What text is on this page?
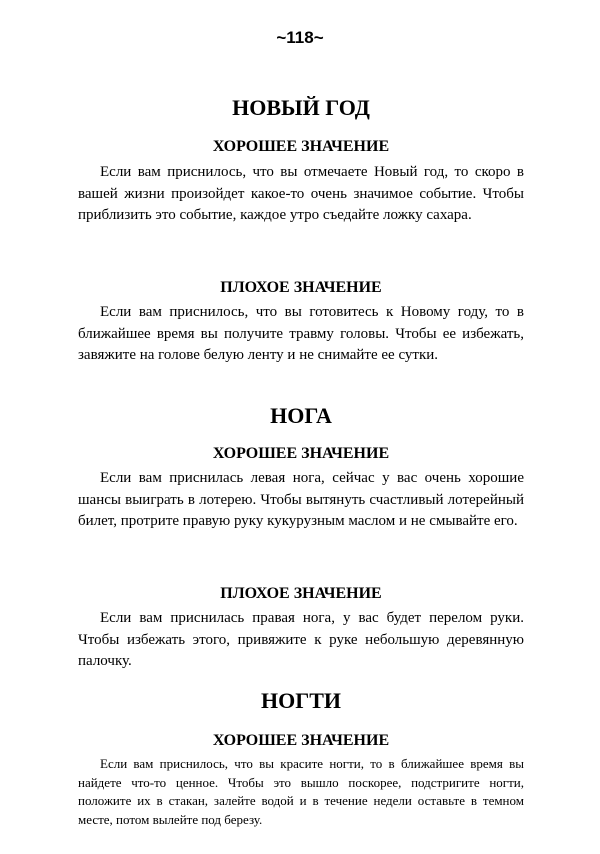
~118~
НОВЫЙ ГОД
ХОРОШЕЕ ЗНАЧЕНИЕ

Если вам приснилось, что вы отмечаете Новый год, то скоро в вашей жизни произойдет какое-то очень значимое событие. Чтобы приблизить это событие, каждое утро съедайте ложку сахара.

ПЛОХОЕ ЗНАЧЕНИЕ

Если вам приснилось, что вы готовитесь к Новому году, то в ближайшее время вы получите травму головы. Чтобы ее избежать, завяжите на голове белую ленту и не снимайте ее сутки.

НОГА
ХОРОШЕЕ ЗНАЧЕНИЕ

Если вам приснилась левая нога, сейчас у вас очень хорошие шансы выиграть в лотерею. Чтобы вытянуть счастливый лотерейный билет, протрите правую руку кукурузным маслом и не смывайте его.

ПЛОХОЕ ЗНАЧЕНИЕ

Если вам приснилась правая нога, у вас будет перелом руки. Чтобы избежать этого, привяжите к руке небольшую деревянную палочку.

НОГТИ
ХОРОШЕЕ ЗНАЧЕНИЕ

Если вам приснилось, что вы красите ногти, то в ближайшее время вы найдете что-то ценное. Чтобы это вышло поскорее, подстригите ногти, положите их в стакан, залейте водой и в течение недели оставьте в темном месте, потом вылейте под березу.
